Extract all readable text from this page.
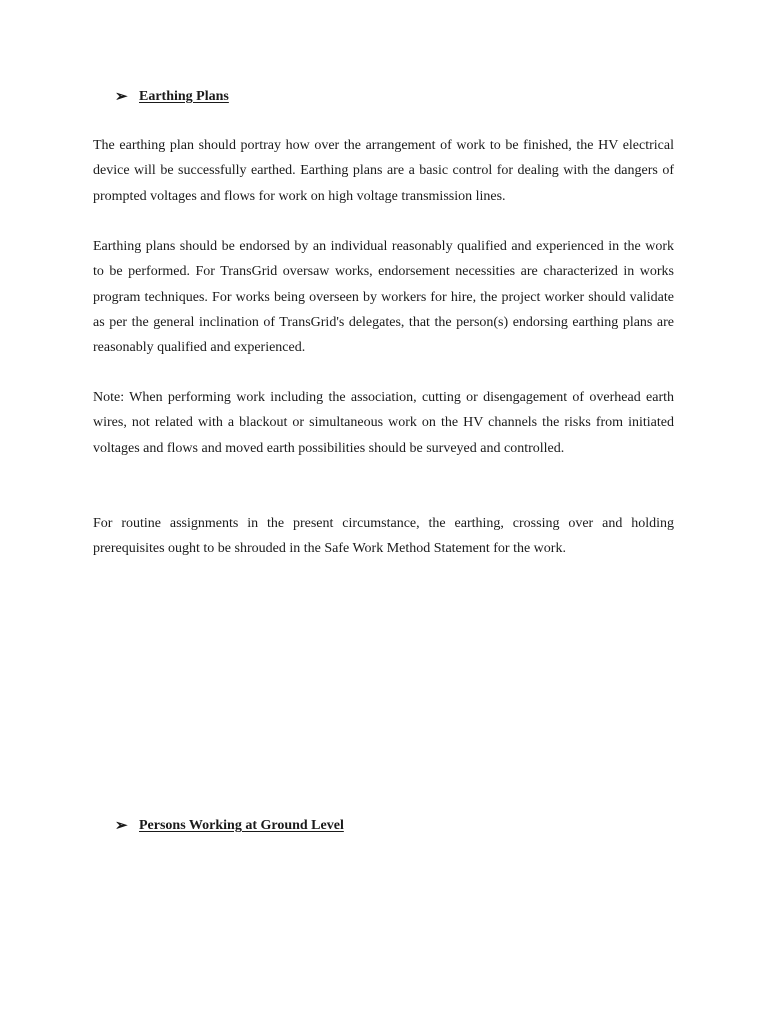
➢ Earthing Plans

The earthing plan should portray how over the arrangement of work to be finished, the HV electrical device will be successfully earthed. Earthing plans are a basic control for dealing with the dangers of prompted voltages and flows for work on high voltage transmission lines.

Earthing plans should be endorsed by an individual reasonably qualified and experienced in the work to be performed. For TransGrid oversaw works, endorsement necessities are characterized in works program techniques. For works being overseen by workers for hire, the project worker should validate as per the general inclination of TransGrid's delegates, that the person(s) endorsing earthing plans are reasonably qualified and experienced.

Note: When performing work including the association, cutting or disengagement of overhead earth wires, not related with a blackout or simultaneous work on the HV channels the risks from initiated voltages and flows and moved earth possibilities should be surveyed and controlled.

For routine assignments in the present circumstance, the earthing, crossing over and holding prerequisites ought to be shrouded in the Safe Work Method Statement for the work.

➢ Persons Working at Ground Level
